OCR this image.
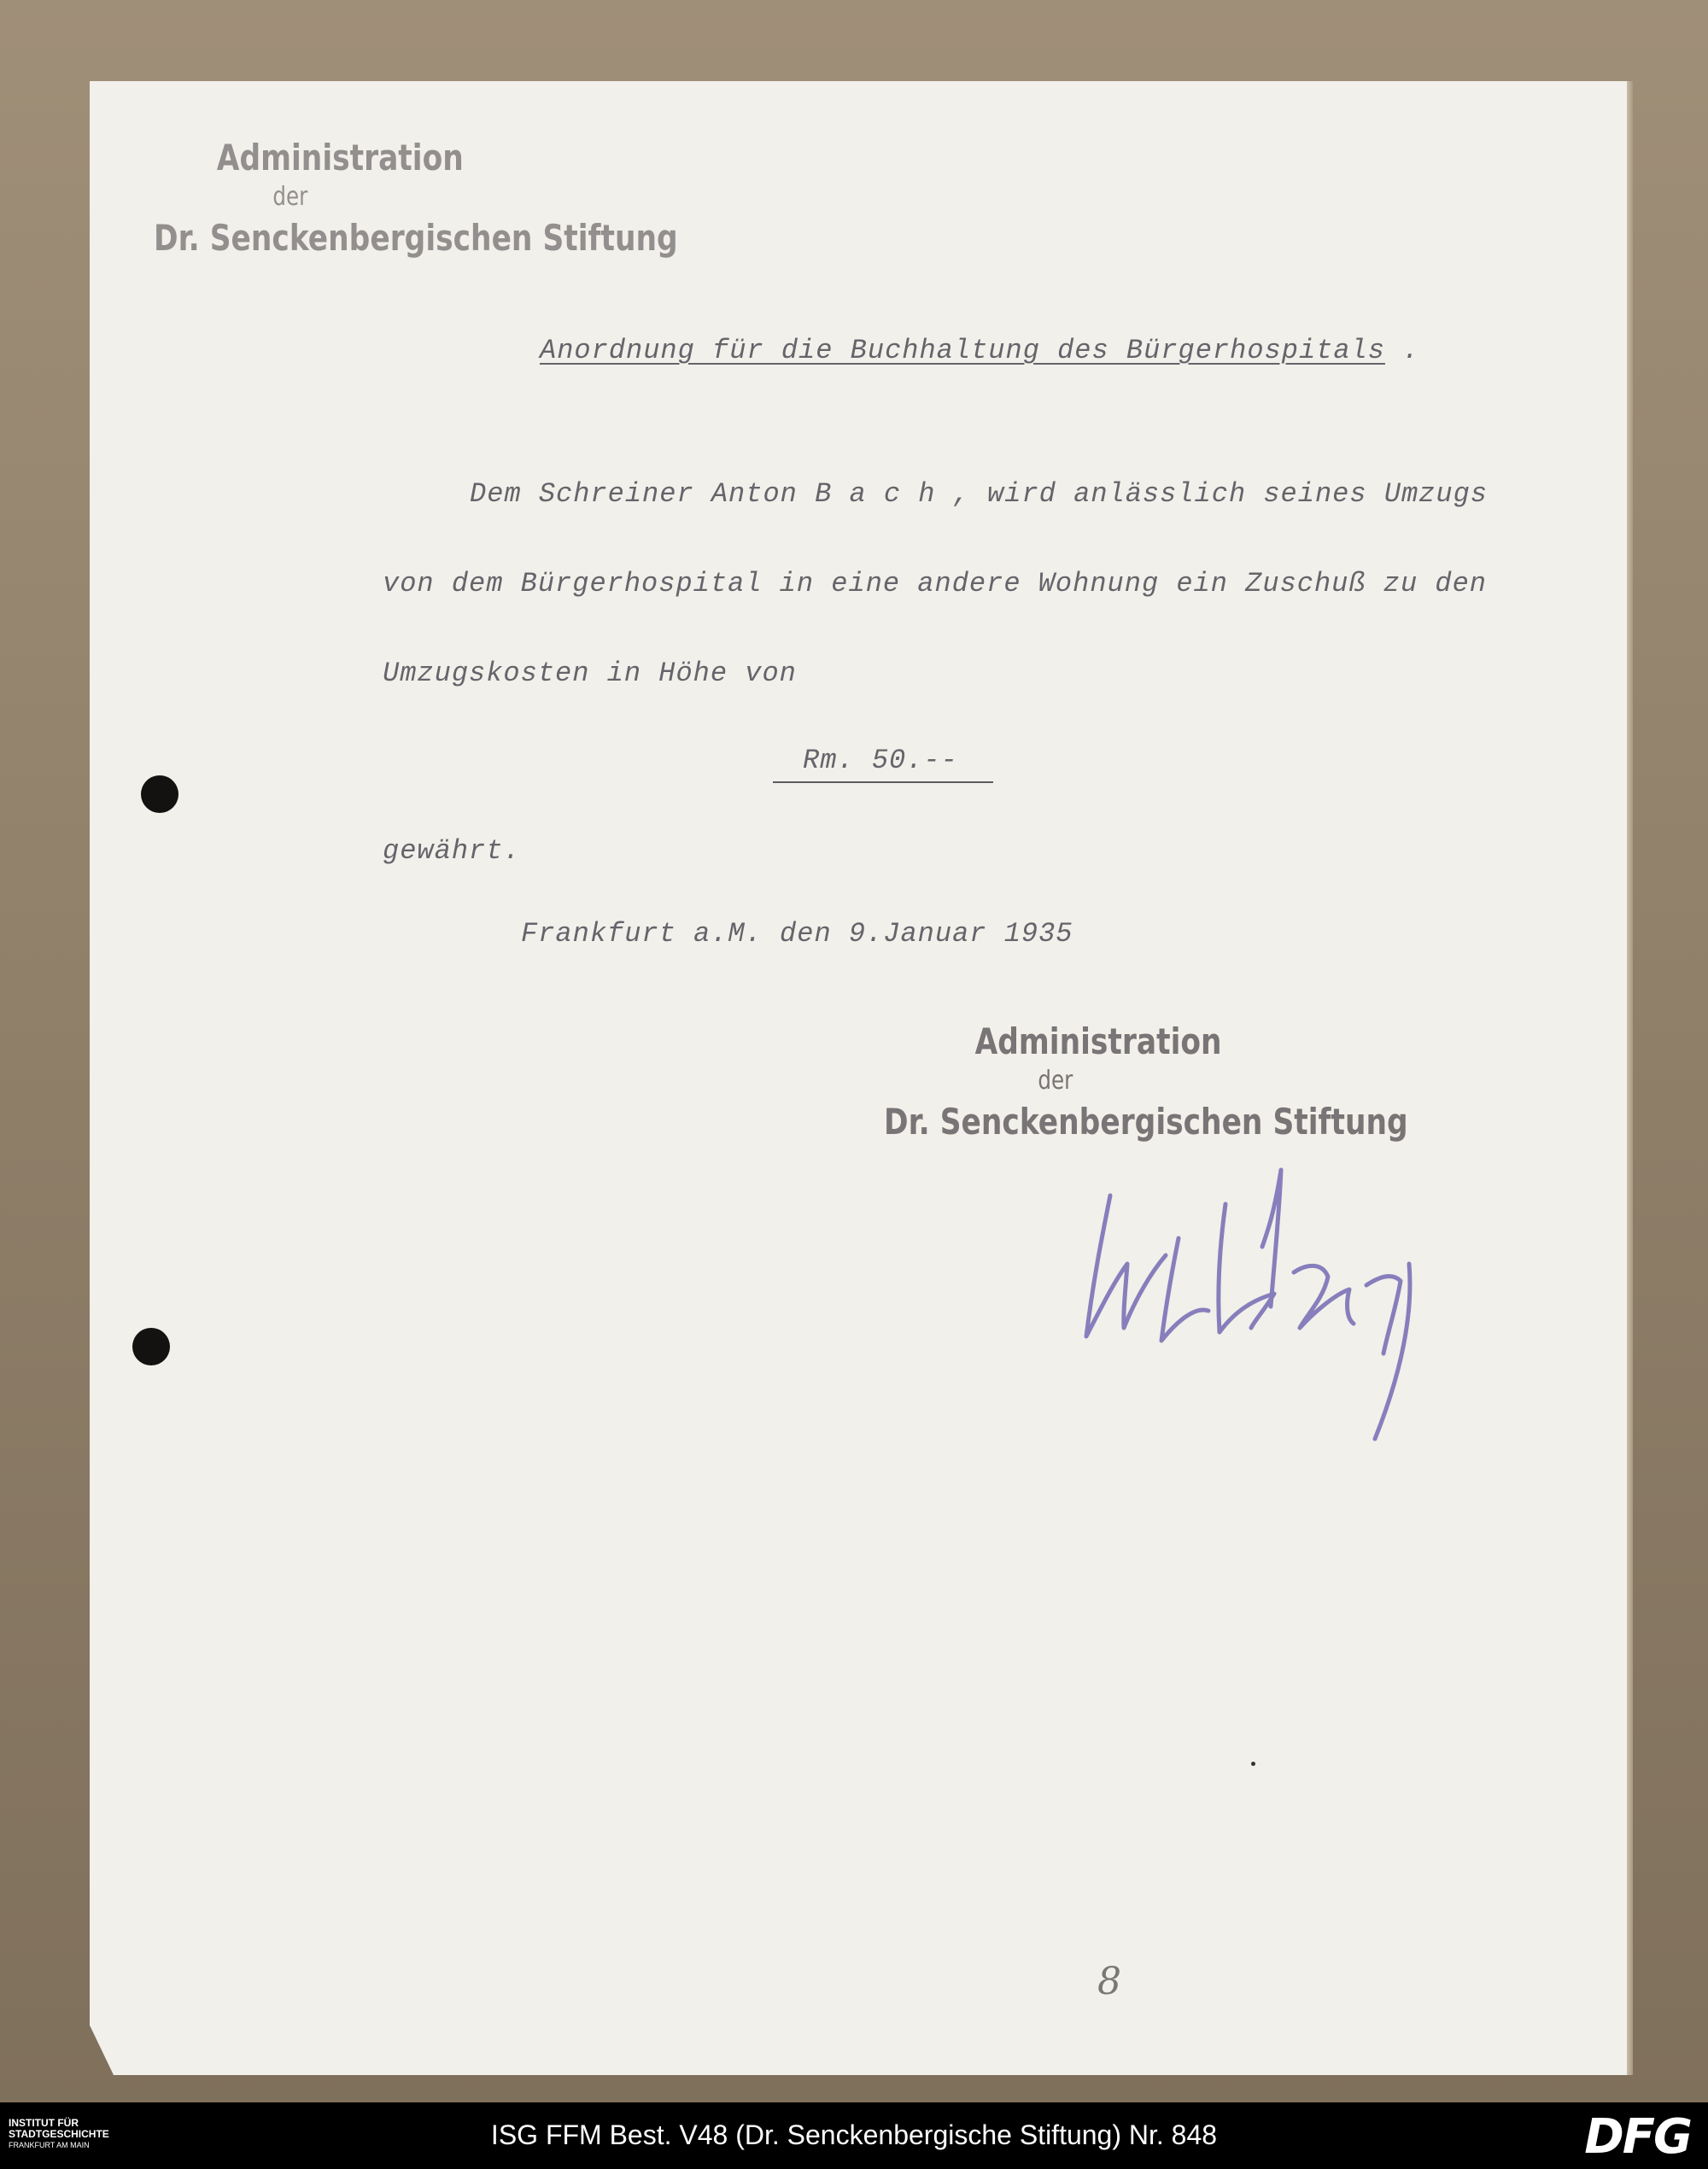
Administration
der
Dr. Senckenbergischen Stiftung
Anordnung für die Buchhaltung des Bürgerhospitals .
Dem Schreiner Anton B a c h , wird anlässlich seines Umzugs
von dem Bürgerhospital in eine andere Wohnung ein Zuschuß zu den
Umzugskosten in Höhe von
Rm. 50.--
gewährt.
Frankfurt a.M. den 9.Januar 1935
Administration
der
Dr. Senckenbergischen Stiftung
8
INSTITUT FÜR
STADTGESCHICHTE
FRANKFURT AM MAIN	ISG FFM Best. V48 (Dr. Senckenbergische Stiftung) Nr. 848	DFG
